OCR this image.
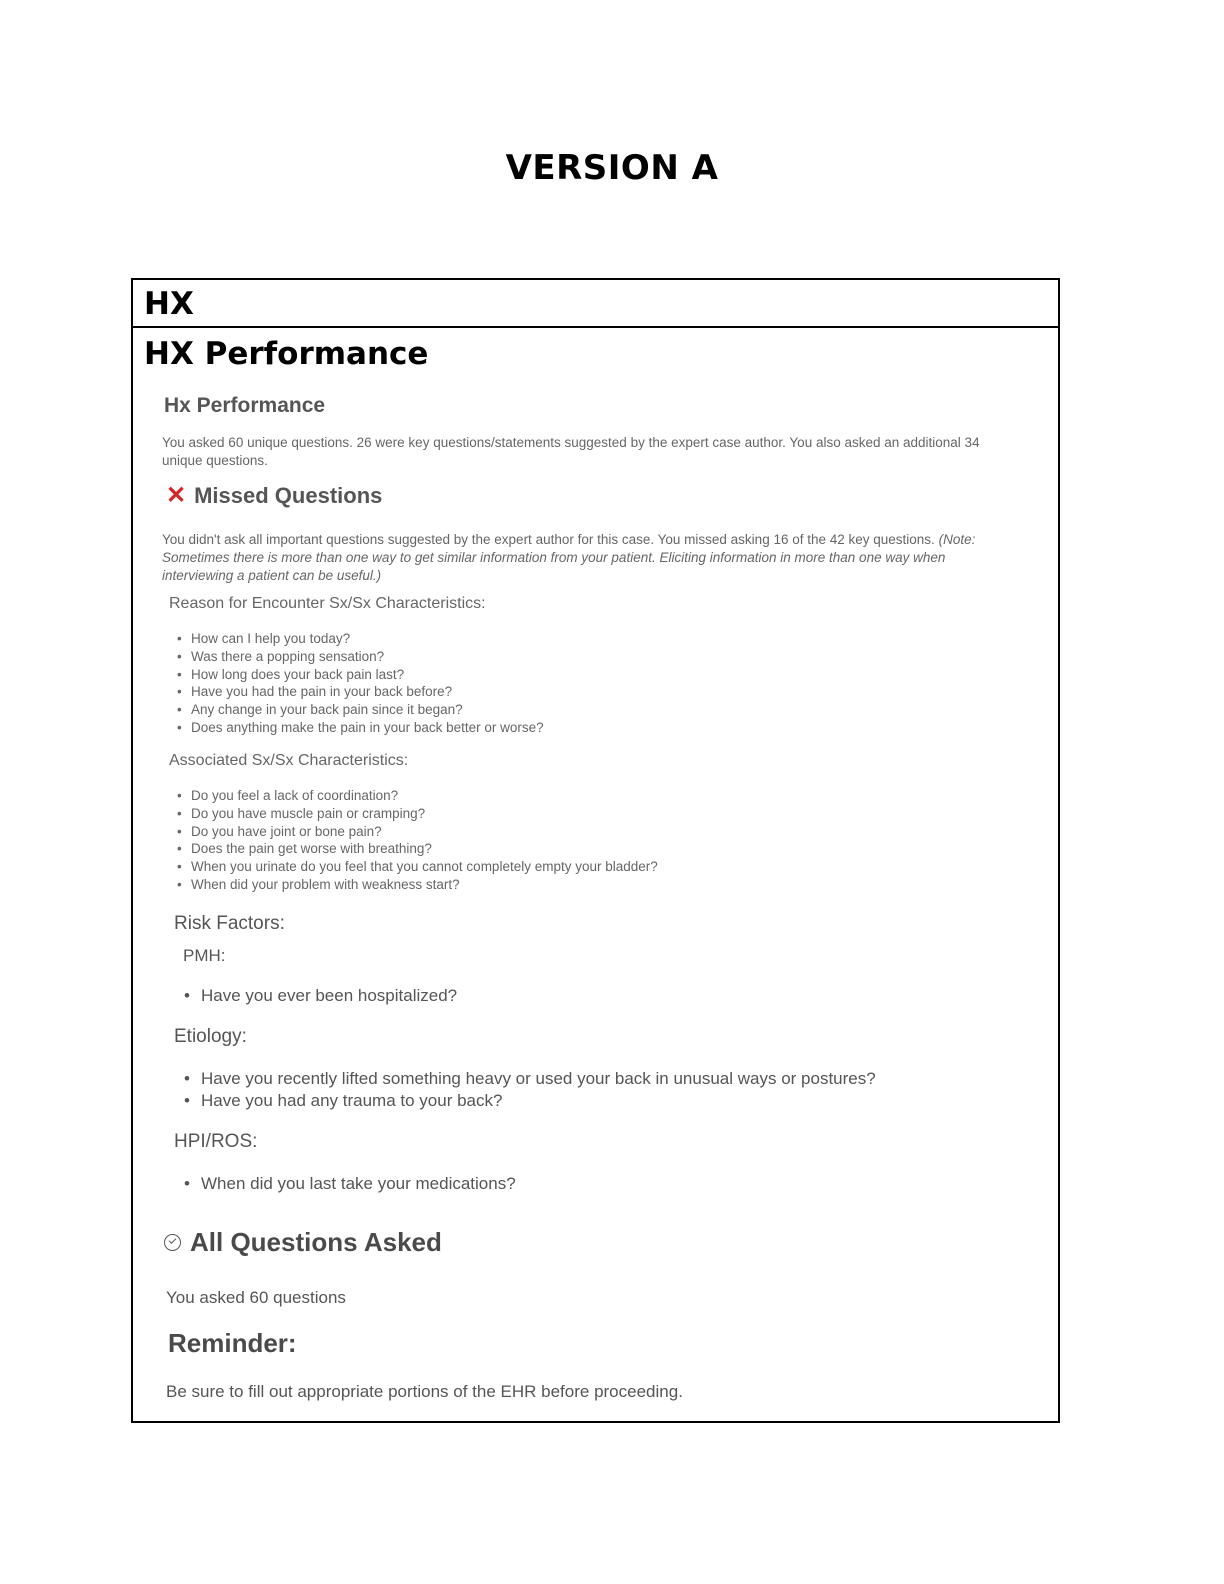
VERSION A
HX
HX Performance
Hx Performance
You asked 60 unique questions. 26 were key questions/statements suggested by the expert case author. You also asked an additional 34 unique questions.
✕ Missed Questions
You didn't ask all important questions suggested by the expert author for this case. You missed asking 16 of the 42 key questions. (Note: Sometimes there is more than one way to get similar information from your patient. Eliciting information in more than one way when interviewing a patient can be useful.)
Reason for Encounter Sx/Sx Characteristics:
• How can I help you today?
• Was there a popping sensation?
• How long does your back pain last?
• Have you had the pain in your back before?
• Any change in your back pain since it began?
• Does anything make the pain in your back better or worse?
Associated Sx/Sx Characteristics:
• Do you feel a lack of coordination?
• Do you have muscle pain or cramping?
• Do you have joint or bone pain?
• Does the pain get worse with breathing?
• When you urinate do you feel that you cannot completely empty your bladder?
• When did your problem with weakness start?
Risk Factors:
PMH:
• Have you ever been hospitalized?
Etiology:
• Have you recently lifted something heavy or used your back in unusual ways or postures?
• Have you had any trauma to your back?
HPI/ROS:
• When did you last take your medications?
All Questions Asked
You asked 60 questions
Reminder:
Be sure to fill out appropriate portions of the EHR before proceeding.
